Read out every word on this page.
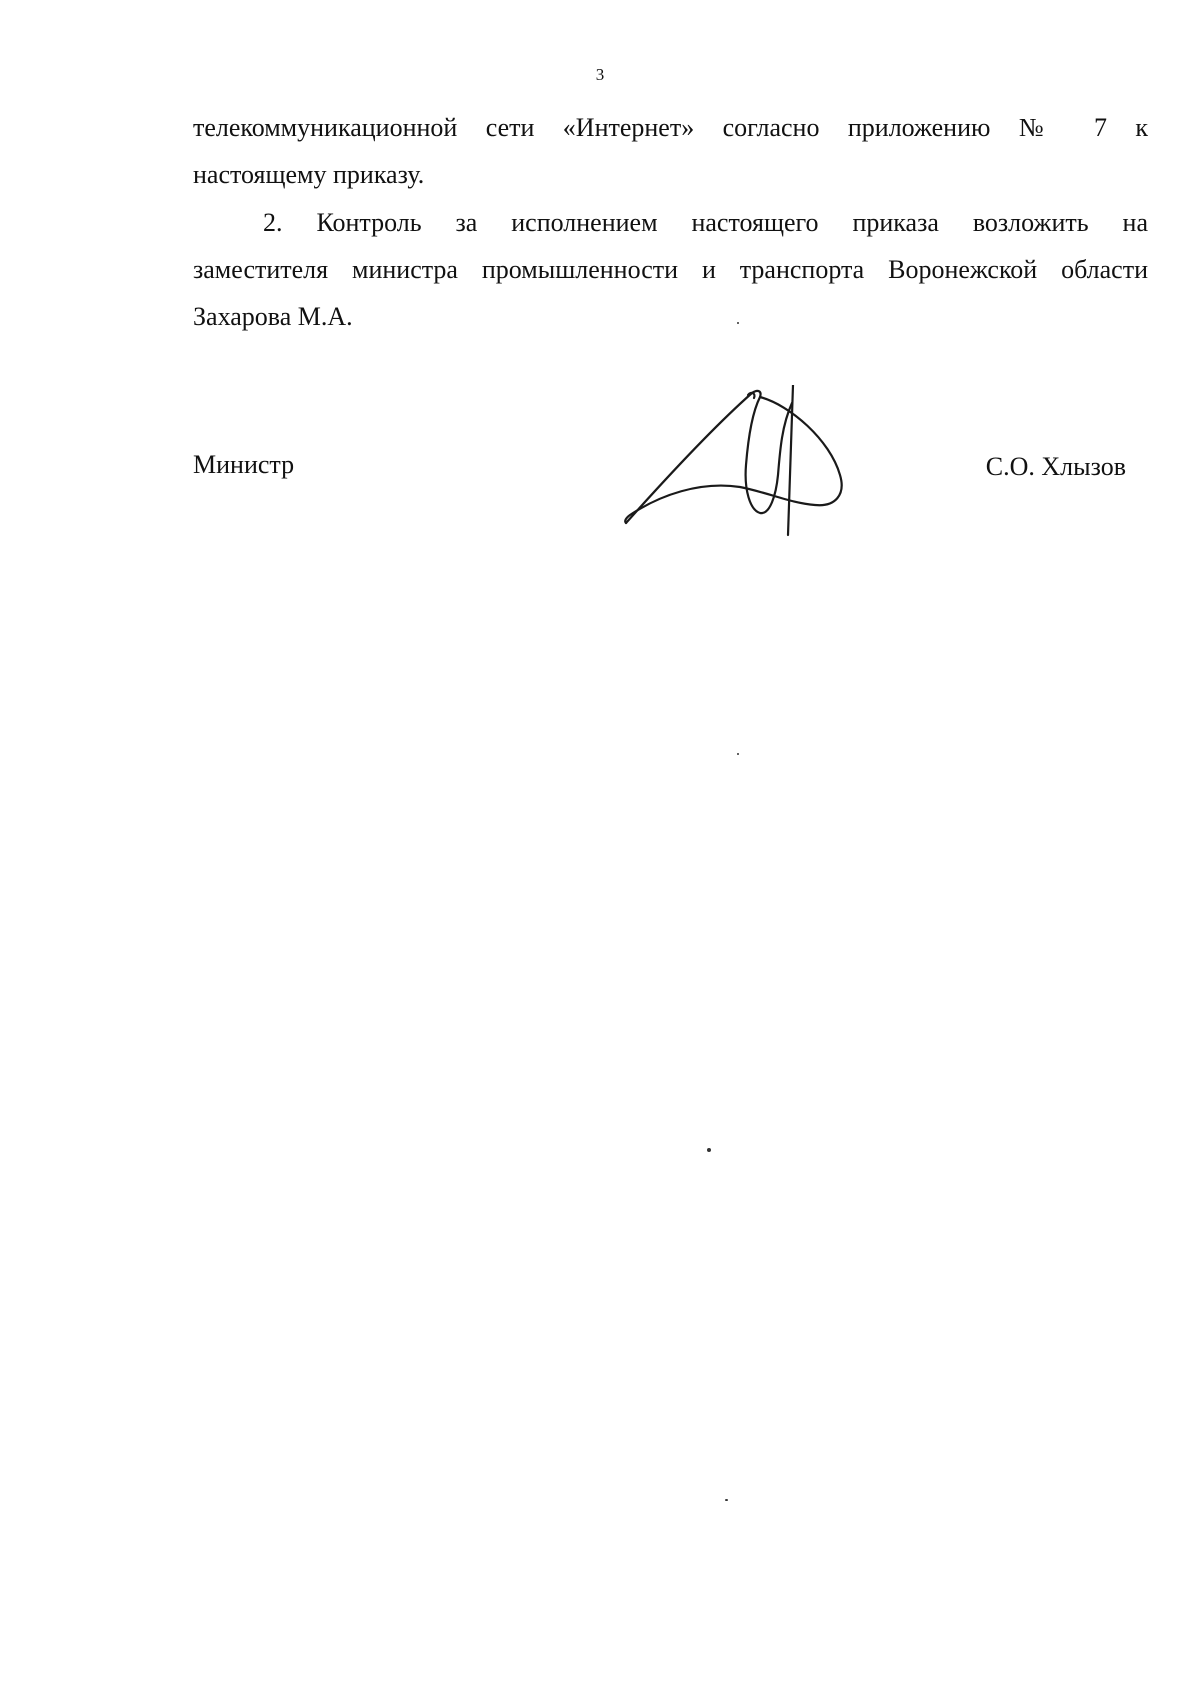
3
телекоммуникационной сети «Интернет» согласно приложению № 7 к
настоящему приказу.
2. Контроль за исполнением настоящего приказа возложить на
заместителя министра промышленности и транспорта Воронежской области
Захарова М.А.
Министр	С.О. Хлызов
